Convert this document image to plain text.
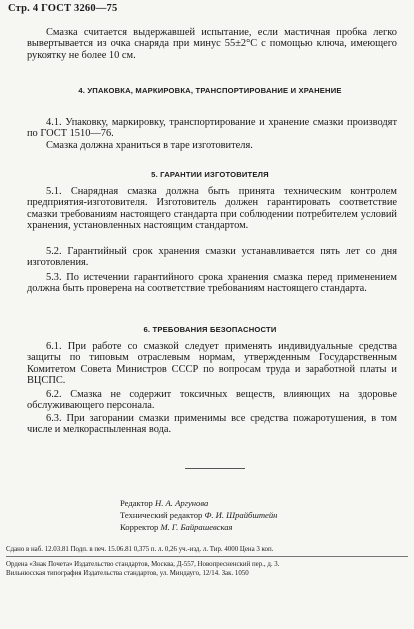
Стр. 4 ГОСТ 3260—75
Смазка считается выдержавшей испытание, если мастичная пробка легко вывертывается из очка снаряда при минус 55±2°С с помощью ключа, имеющего рукоятку не более 10 см.
4. УПАКОВКА, МАРКИРОВКА, ТРАНСПОРТИРОВАНИЕ И ХРАНЕНИЕ
4.1. Упаковку, маркировку, транспортирование и хранение смазки производят по ГОСТ 1510—76.
Смазка должна храниться в таре изготовителя.
5. ГАРАНТИИ ИЗГОТОВИТЕЛЯ
5.1. Снарядная смазка должна быть принята техническим контролем предприятия-изготовителя. Изготовитель должен гарантировать соответствие смазки требованиям настоящего стандарта при соблюдении потребителем условий хранения, установленных настоящим стандартом.
5.2. Гарантийный срок хранения смазки устанавливается пять лет со дня изготовления.
5.3. По истечении гарантийного срока хранения смазка перед применением должна быть проверена на соответствие требованиям настоящего стандарта.
6. ТРЕБОВАНИЯ БЕЗОПАСНОСТИ
6.1. При работе со смазкой следует применять индивидуальные средства защиты по типовым отраслевым нормам, утвержденным Государственным Комитетом Совета Министров СССР по вопросам труда и заработной платы и ВЦСПС.
6.2. Смазка не содержит токсичных веществ, влияющих на здоровье обслуживающего персонала.
6.3. При загорании смазки применимы все средства пожаротушения, в том числе и мелкораспыленная вода.
Редактор Н. А. Аргунова
Технический редактор Ф. И. Шрайбштейн
Корректор М. Г. Байрашевская
Сдано в наб. 12.03.81 Подп. в печ. 15.06.81 0,375 п. л. 0,26 уч.-изд. л. Тир. 4000 Цена 3 коп.
Ордена «Знак Почета» Издательство стандартов, Москва, Д-557, Новопресненский пер., д. 3.
Вильнюсская типография Издательства стандартов, ул. Миндауго, 12/14. Зак. 1050
